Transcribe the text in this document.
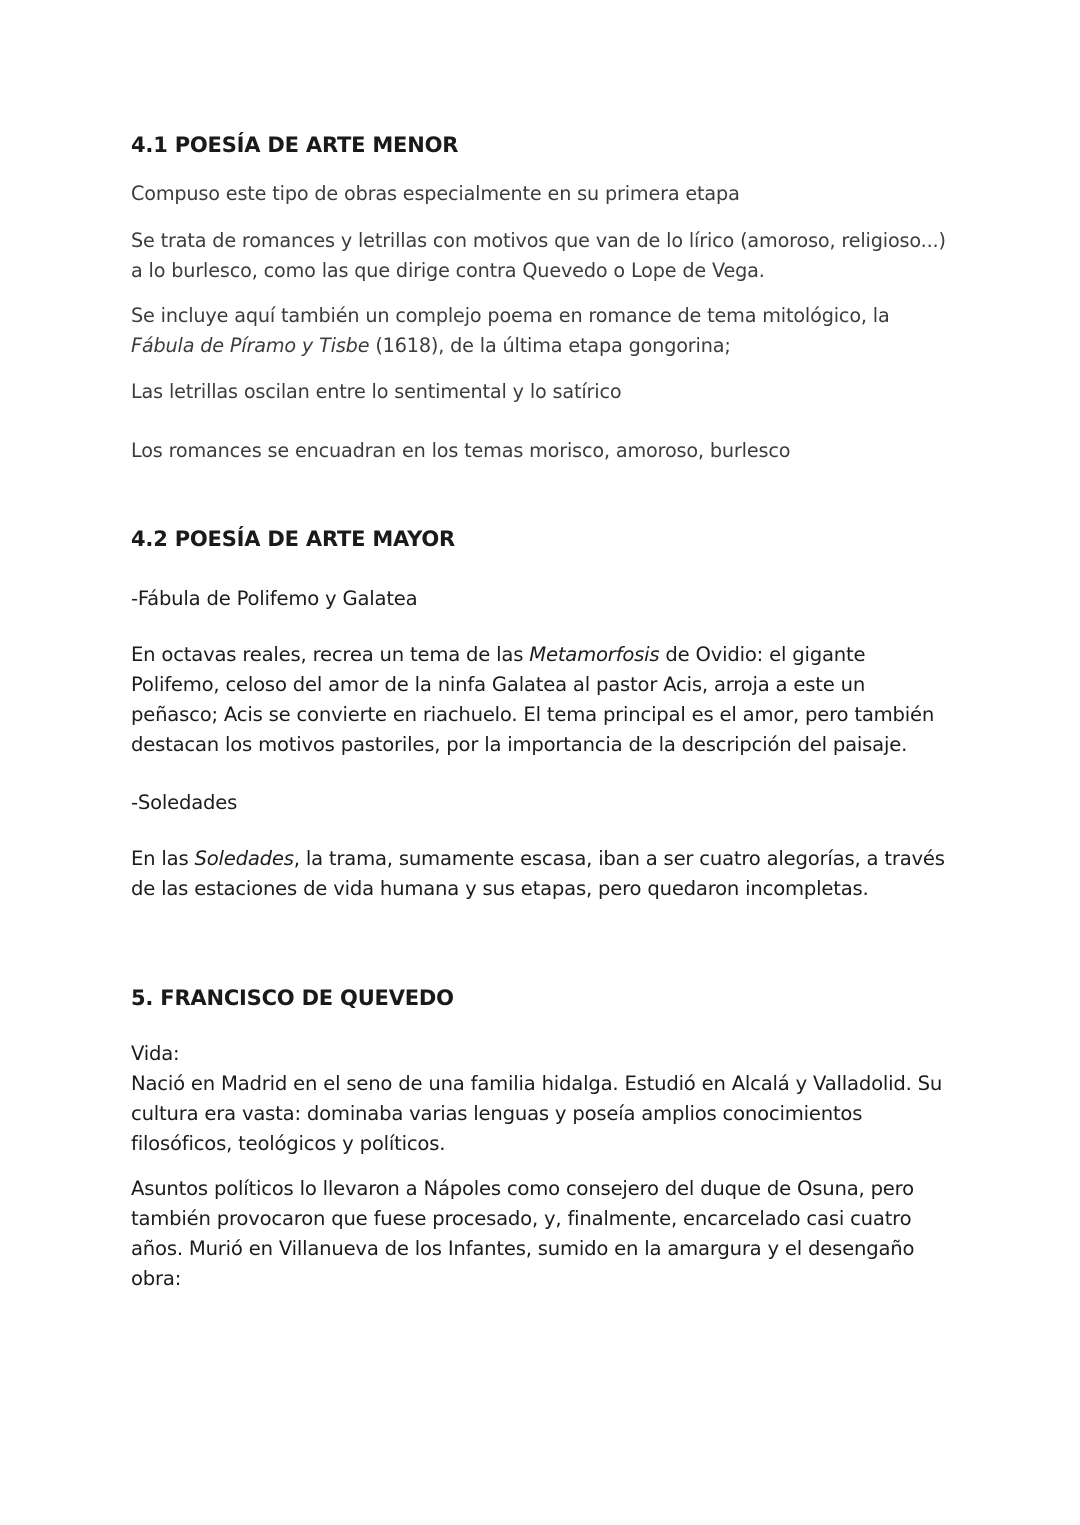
4.1 POESÍA DE ARTE MENOR

Compuso este tipo de obras especialmente en su primera etapa

Se trata de romances y letrillas con motivos que van de lo lírico (amoroso, religioso...) a lo burlesco, como las que dirige contra Quevedo o Lope de Vega.

Se incluye aquí también un complejo poema en romance de tema mitológico, la Fábula de Píramo y Tisbe (1618), de la última etapa gongorina;

Las letrillas oscilan entre lo sentimental y lo satírico

Los romances se encuadran en los temas morisco, amoroso, burlesco

4.2 POESÍA DE ARTE MAYOR

-Fábula de Polifemo y Galatea

En octavas reales, recrea un tema de las Metamorfosis de Ovidio: el gigante Polifemo, celoso del amor de la ninfa Galatea al pastor Acis, arroja a este un peñasco; Acis se convierte en riachuelo. El tema principal es el amor, pero también destacan los motivos pastoriles, por la importancia de la descripción del paisaje.

-Soledades

En las Soledades, la trama, sumamente escasa, iban a ser cuatro alegorías, a través de las estaciones de vida humana y sus etapas, pero quedaron incompletas.

5. FRANCISCO DE QUEVEDO
Vida:
Nació en Madrid en el seno de una familia hidalga. Estudió en Alcalá y Valladolid. Su cultura era vasta: dominaba varias lenguas y poseía amplios conocimientos filosóficos, teológicos y políticos.
Asuntos políticos lo llevaron a Nápoles como consejero del duque de Osuna, pero también provocaron que fuese procesado, y, finalmente, encarcelado casi cuatro años. Murió en Villanueva de los Infantes, sumido en la amargura y el desengaño
obra:
